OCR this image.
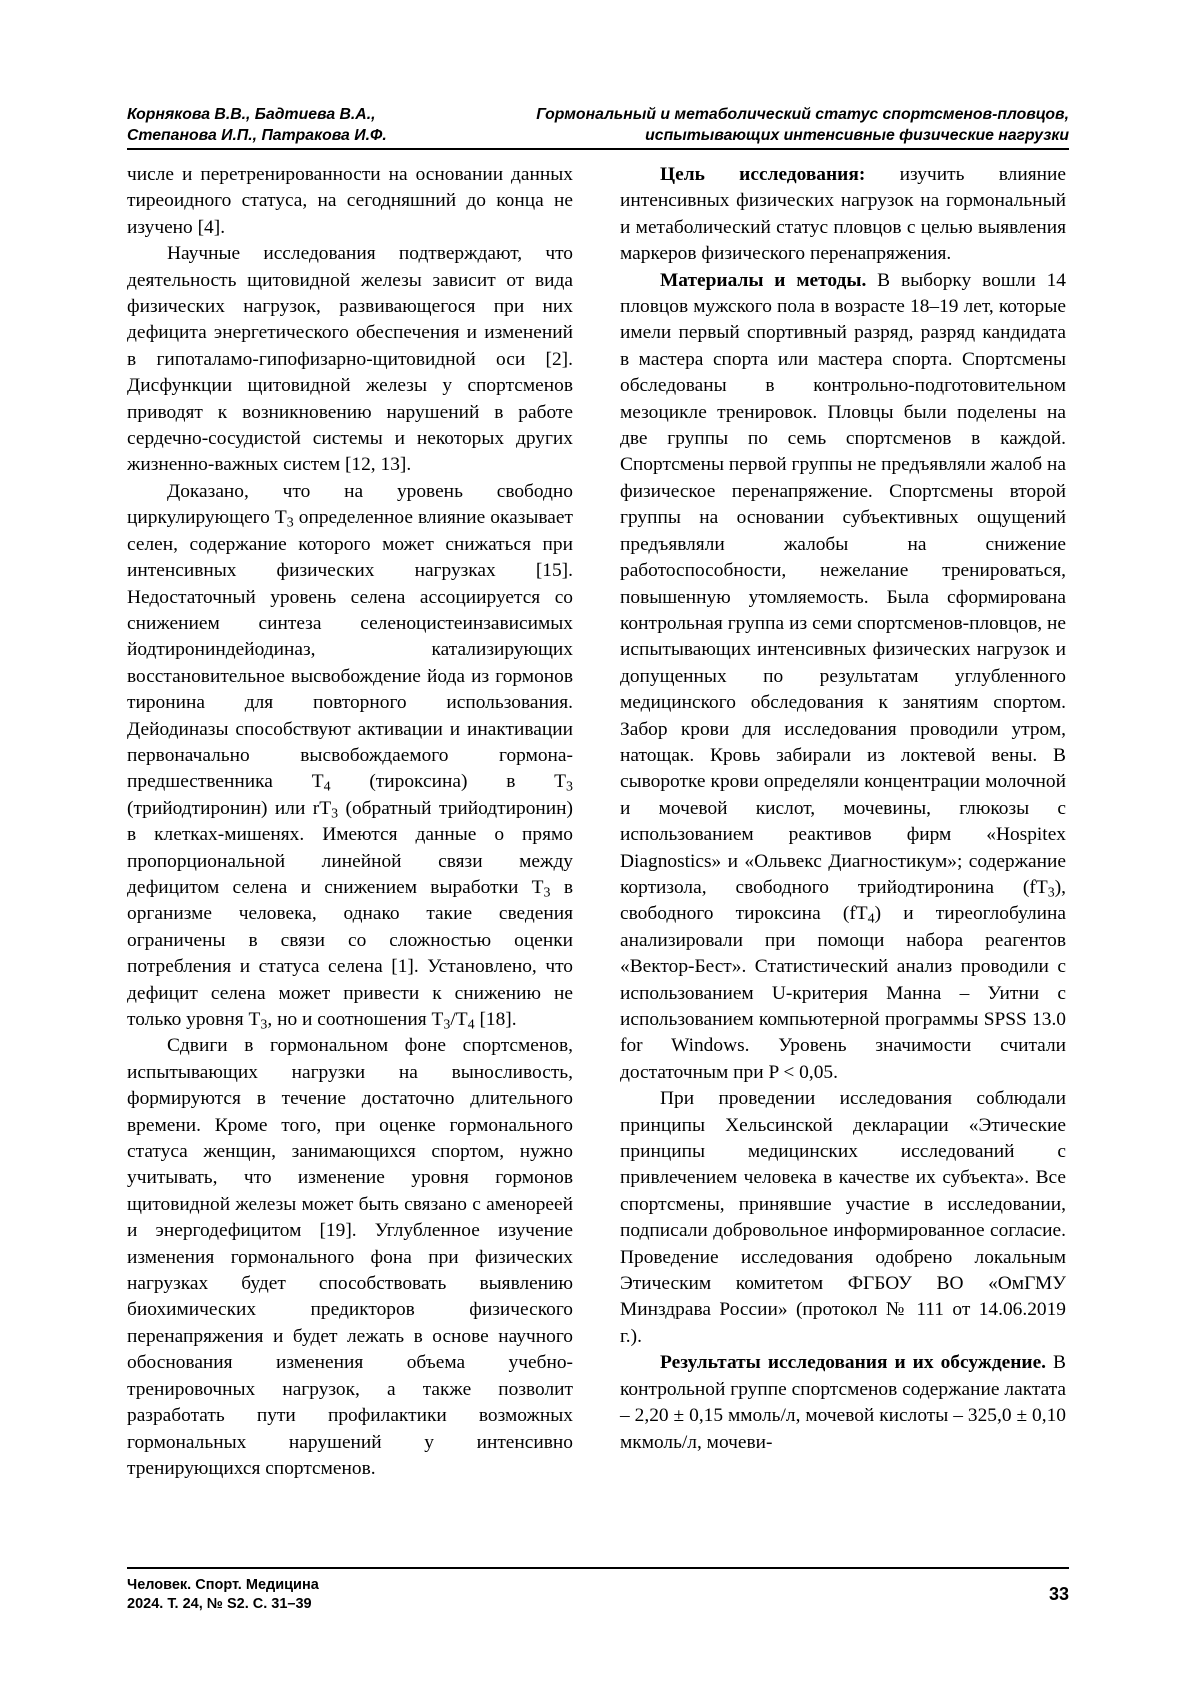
Корнякова В.В., Бадтиева В.А.,
Степанова И.П., Патракова И.Ф.
Гормональный и метаболический статус спортсменов-пловцов,
испытывающих интенсивные физические нагрузки

числе и перетренированности на основании данных тиреоидного статуса, на сегодняшний до конца не изучено [4].

Научные исследования подтверждают, что деятельность щитовидной железы зависит от вида физических нагрузок, развивающегося при них дефицита энергетического обеспечения и изменений в гипоталамо-гипофизарно-щитовидной оси [2]. Дисфункции щитовидной железы у спортсменов приводят к возникновению нарушений в работе сердечно-сосудистой системы и некоторых других жизненно-важных систем [12, 13].

Доказано, что на уровень свободно циркулирующего $Т_3$ определенное влияние оказывает селен, содержание которого может снижаться при интенсивных физических нагрузках [15]. Недостаточный уровень селена ассоциируется со снижением синтеза селеноцистеинзависимых йодтирониндейодиназ, катализирующих восстановительное высвобождение йода из гормонов тиронина для повторного использования. Дейодиназы способствуют активации и инактивации первоначально высвобождаемого гормона-предшественника $Т_4$ (тироксина) в $Т_3$ (трийодтиронин) или $rТ_3$ (обратный трийодтиронин) в клетках-мишенях. Имеются данные о прямо пропорциональной линейной связи между дефицитом селена и снижением выработки $Т_3$ в организме человека, однако такие сведения ограничены в связи со сложностью оценки потребления и статуса селена [1]. Установлено, что дефицит селена может привести к снижению не только уровня $Т_3$, но и соотношения $Т_3/Т_4$ [18].

Сдвиги в гормональном фоне спортсменов, испытывающих нагрузки на выносливость, формируются в течение достаточно длительного времени. Кроме того, при оценке гормонального статуса женщин, занимающихся спортом, нужно учитывать, что изменение уровня гормонов щитовидной железы может быть связано с аменореей и энергодефицитом [19]. Углубленное изучение изменения гормонального фона при физических нагрузках будет способствовать выявлению биохимических предикторов физического перенапряжения и будет лежать в основе научного обоснования изменения объема учебно-тренировочных нагрузок, а также позволит разработать пути профилактики возможных гормональных нарушений у интенсивно тренирующихся спортсменов.

Цель исследования: изучить влияние интенсивных физических нагрузок на гормональный и метаболический статус пловцов с целью выявления маркеров физического перенапряжения.

Материалы и методы. В выборку вошли 14 пловцов мужского пола в возрасте 18–19 лет, которые имели первый спортивный разряд, разряд кандидата в мастера спорта или мастера спорта. Спортсмены обследованы в контрольно-подготовительном мезоцикле тренировок. Пловцы были поделены на две группы по семь спортсменов в каждой. Спортсмены первой группы не предъявляли жалоб на физическое перенапряжение. Спортсмены второй группы на основании субъективных ощущений предъявляли жалобы на снижение работоспособности, нежелание тренироваться, повышенную утомляемость. Была сформирована контрольная группа из семи спортсменов-пловцов, не испытывающих интенсивных физических нагрузок и допущенных по результатам углубленного медицинского обследования к занятиям спортом. Забор крови для исследования проводили утром, натощак. Кровь забирали из локтевой вены. В сыворотке крови определяли концентрации молочной и мочевой кислот, мочевины, глюкозы с использованием реактивов фирм «Hospitex Diagnostics» и «Ольвекс Диагностикум»; содержание кортизола, свободного трийодтиронина $(fТ_3)$, свободного тироксина $(fТ_4)$ и тиреоглобулина анализировали при помощи набора реагентов «Вектор-Бест». Статистический анализ проводили с использованием U-критерия Манна – Уитни с использованием компьютерной программы SPSS 13.0 for Windows. Уровень значимости считали достаточным при P < 0,05.

При проведении исследования соблюдали принципы Хельсинской декларации «Этические принципы медицинских исследований с привлечением человека в качестве их субъекта». Все спортсмены, принявшие участие в исследовании, подписали добровольное информированное согласие. Проведение исследования одобрено локальным Этическим комитетом ФГБОУ ВО «ОмГМУ Минздрава России» (протокол № 111 от 14.06.2019 г.).

Результаты исследования и их обсуждение. В контрольной группе спортсменов содержание лактата – 2,20 ± 0,15 ммоль/л, мочевой кислоты – 325,0 ± 0,10 мкмоль/л, мочеви-

Человек. Спорт. Медицина
2024. Т. 24, № S2. С. 31–39	33
